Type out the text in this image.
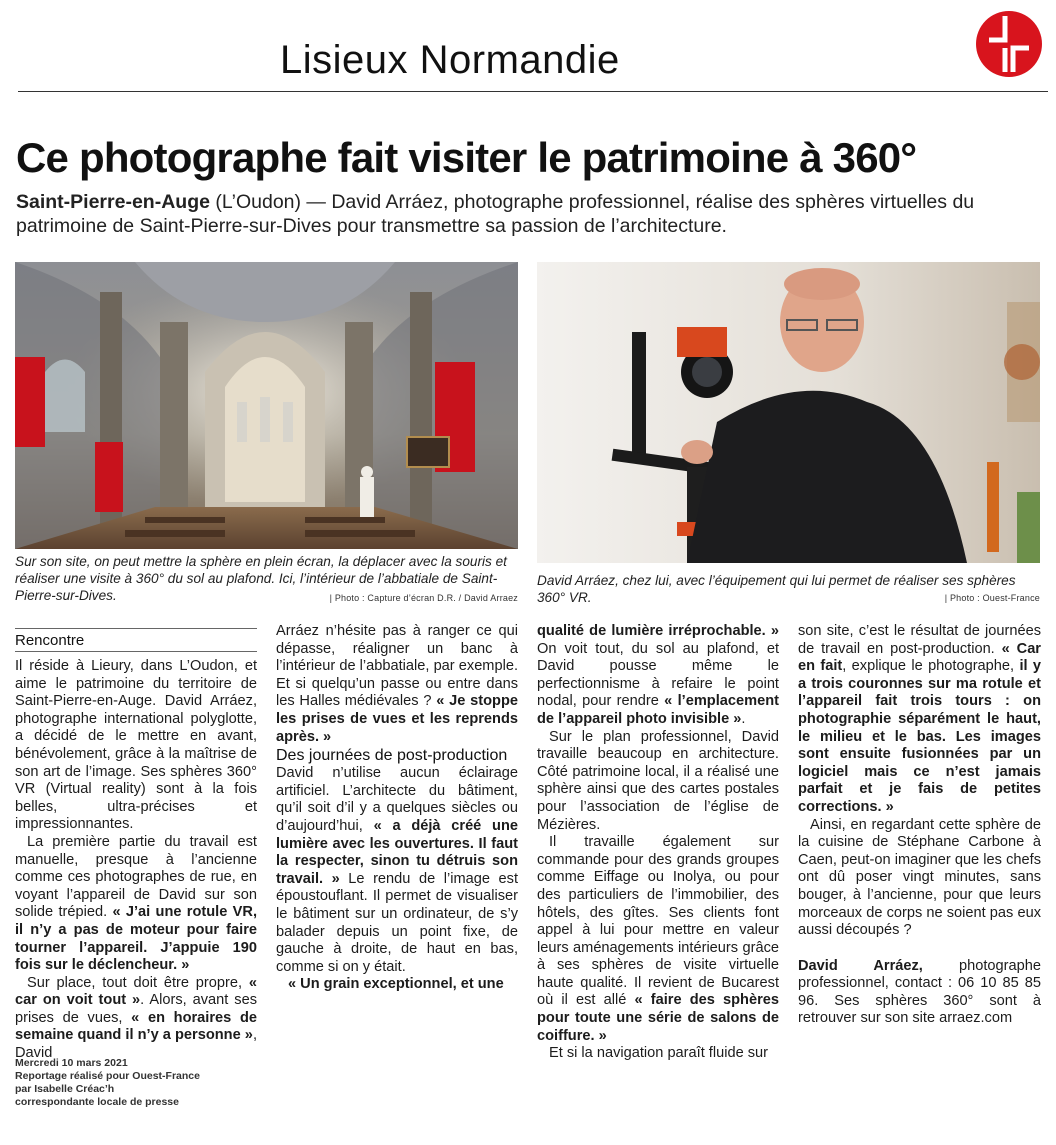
Lisieux Normandie
Ce photographe fait visiter le patrimoine à 360°
Saint-Pierre-en-Auge (L’Oudon) — David Arráez, photographe professionnel, réalise des sphères virtuelles du patrimoine de Saint-Pierre-sur-Dives pour transmettre sa passion de l’architecture.
Sur son site, on peut mettre la sphère en plein écran, la déplacer avec la souris et réaliser une visite à 360° du sol au plafond. Ici, l’intérieur de l’abbatiale de Saint-Pierre-sur-Dives.	| Photo : Capture d’écran D.R. / David Arraez
David Arráez, chez lui, avec l’équipement qui lui permet de réaliser ses sphères 360° VR.	| Photo : Ouest-France
Rencontre

Il réside à Lieury, dans L’Oudon, et aime le patrimoine du territoire de Saint-Pierre-en-Auge. David Arráez, photographe international polyglotte, a décidé de le mettre en avant, bénévolement, grâce à la maîtrise de son art de l’image. Ses sphères 360° VR (Virtual reality) sont à la fois belles, ultra-précises et impressionnantes.

La première partie du travail est manuelle, presque à l’ancienne comme ces photographes de rue, en voyant l’appareil de David sur son solide trépied. « J’ai une rotule VR, il n’y a pas de moteur pour faire tourner l’appareil. J’appuie 190 fois sur le déclencheur. »

Sur place, tout doit être propre, « car on voit tout ». Alors, avant ses prises de vues, « en horaires de semaine quand il n’y a personne », David

Arráez n’hésite pas à ranger ce qui dépasse, réaligner un banc à l’intérieur de l’abbatiale, par exemple. Et si quelqu’un passe ou entre dans les Halles médiévales ? « Je stoppe les prises de vues et les reprends après. »

Des journées de post-production

David n’utilise aucun éclairage artificiel. L’architecte du bâtiment, qu’il soit d’il y a quelques siècles ou d’aujourd’hui, « a déjà créé une lumière avec les ouvertures. Il faut la respecter, sinon tu détruis son travail. » Le rendu de l’image est époustouflant. Il permet de visualiser le bâtiment sur un ordinateur, de s’y balader depuis un point fixe, de gauche à droite, de haut en bas, comme si on y était.

« Un grain exceptionnel, et une

qualité de lumière irréprochable. » On voit tout, du sol au plafond, et David pousse même le perfectionnisme à refaire le point nodal, pour rendre « l’emplacement de l’appareil photo invisible ».

Sur le plan professionnel, David travaille beaucoup en architecture. Côté patrimoine local, il a réalisé une sphère ainsi que des cartes postales pour l’association de l’église de Mézières.

Il travaille également sur commande pour des grands groupes comme Eiffage ou Inolya, ou pour des particuliers de l’immobilier, des hôtels, des gîtes. Ses clients font appel à lui pour mettre en valeur leurs aménagements intérieurs grâce à ses sphères de visite virtuelle haute qualité. Il revient de Bucarest où il est allé « faire des sphères pour toute une série de salons de coiffure. »

Et si la navigation paraît fluide sur

son site, c’est le résultat de journées de travail en post-production. « Car en fait, explique le photographe, il y a trois couronnes sur ma rotule et l’appareil fait trois tours : on photographie séparément le haut, le milieu et le bas. Les images sont ensuite fusionnées par un logiciel mais ce n’est jamais parfait et je fais de petites corrections. »

Ainsi, en regardant cette sphère de la cuisine de Stéphane Carbone à Caen, peut-on imaginer que les chefs ont dû poser vingt minutes, sans bouger, à l’ancienne, pour que leurs morceaux de corps ne soient pas eux aussi découpés ?

David Arráez, photographe professionnel, contact : 06 10 85 85 96. Ses sphères 360° sont à retrouver sur son site arraez.com

Mercredi 10 mars 2021
Reportage réalisé pour Ouest-France
par Isabelle Créac’h
correspondante locale de presse
